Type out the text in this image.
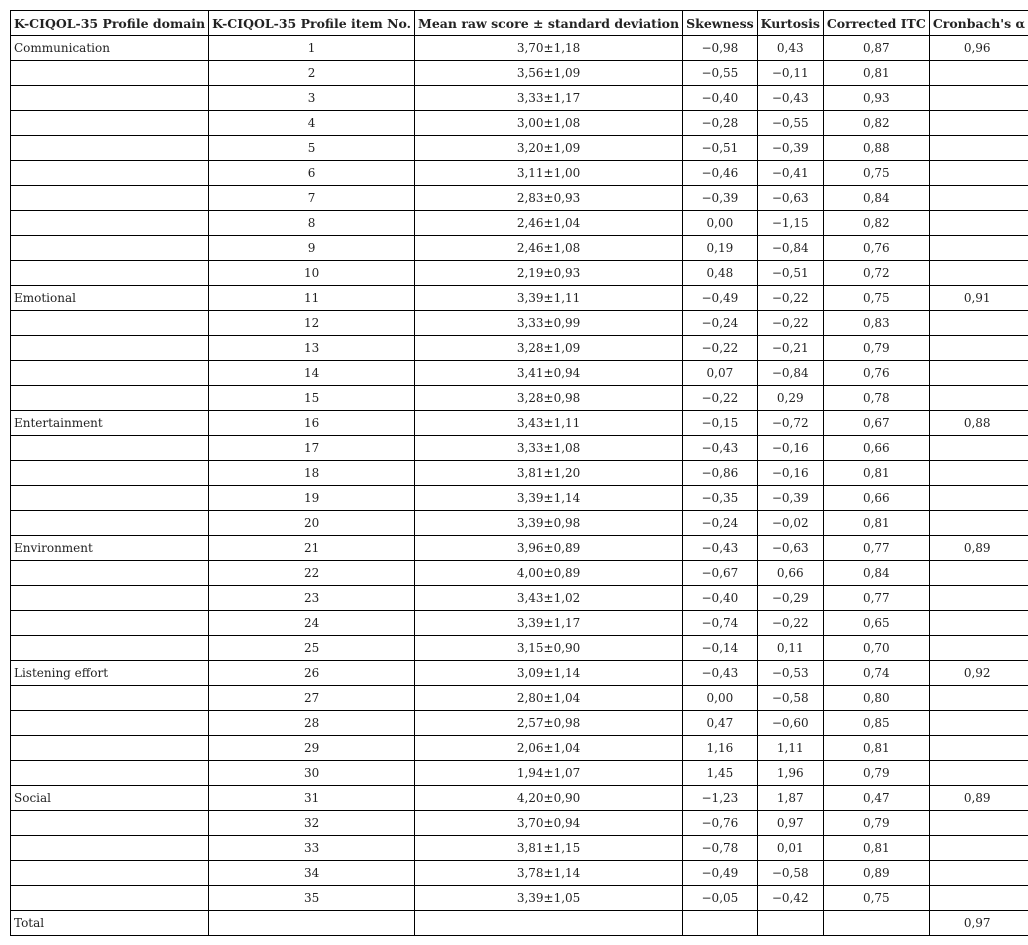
K-CIQOL-35 Profile domain	K-CIQOL-35 Profile item No.	Mean raw score ± standard deviation	Skewness	Kurtosis	Corrected ITC	Cronbach's α
Communication	1	3,70±1,18	−0,98	0,43	0,87	0,96
	2	3,56±1,09	−0,55	−0,11	0,81	
	3	3,33±1,17	−0,40	−0,43	0,93	
	4	3,00±1,08	−0,28	−0,55	0,82	
	5	3,20±1,09	−0,51	−0,39	0,88	
	6	3,11±1,00	−0,46	−0,41	0,75	
	7	2,83±0,93	−0,39	−0,63	0,84	
	8	2,46±1,04	0,00	−1,15	0,82	
	9	2,46±1,08	0,19	−0,84	0,76	
	10	2,19±0,93	0,48	−0,51	0,72	
Emotional	11	3,39±1,11	−0,49	−0,22	0,75	0,91
	12	3,33±0,99	−0,24	−0,22	0,83	
	13	3,28±1,09	−0,22	−0,21	0,79	
	14	3,41±0,94	0,07	−0,84	0,76	
	15	3,28±0,98	−0,22	0,29	0,78	
Entertainment	16	3,43±1,11	−0,15	−0,72	0,67	0,88
	17	3,33±1,08	−0,43	−0,16	0,66	
	18	3,81±1,20	−0,86	−0,16	0,81	
	19	3,39±1,14	−0,35	−0,39	0,66	
	20	3,39±0,98	−0,24	−0,02	0,81	
Environment	21	3,96±0,89	−0,43	−0,63	0,77	0,89
	22	4,00±0,89	−0,67	0,66	0,84	
	23	3,43±1,02	−0,40	−0,29	0,77	
	24	3,39±1,17	−0,74	−0,22	0,65	
	25	3,15±0,90	−0,14	0,11	0,70	
Listening effort	26	3,09±1,14	−0,43	−0,53	0,74	0,92
	27	2,80±1,04	0,00	−0,58	0,80	
	28	2,57±0,98	0,47	−0,60	0,85	
	29	2,06±1,04	1,16	1,11	0,81	
	30	1,94±1,07	1,45	1,96	0,79	
Social	31	4,20±0,90	−1,23	1,87	0,47	0,89
	32	3,70±0,94	−0,76	0,97	0,79	
	33	3,81±1,15	−0,78	0,01	0,81	
	34	3,78±1,14	−0,49	−0,58	0,89	
	35	3,39±1,05	−0,05	−0,42	0,75	
Total						0,97
